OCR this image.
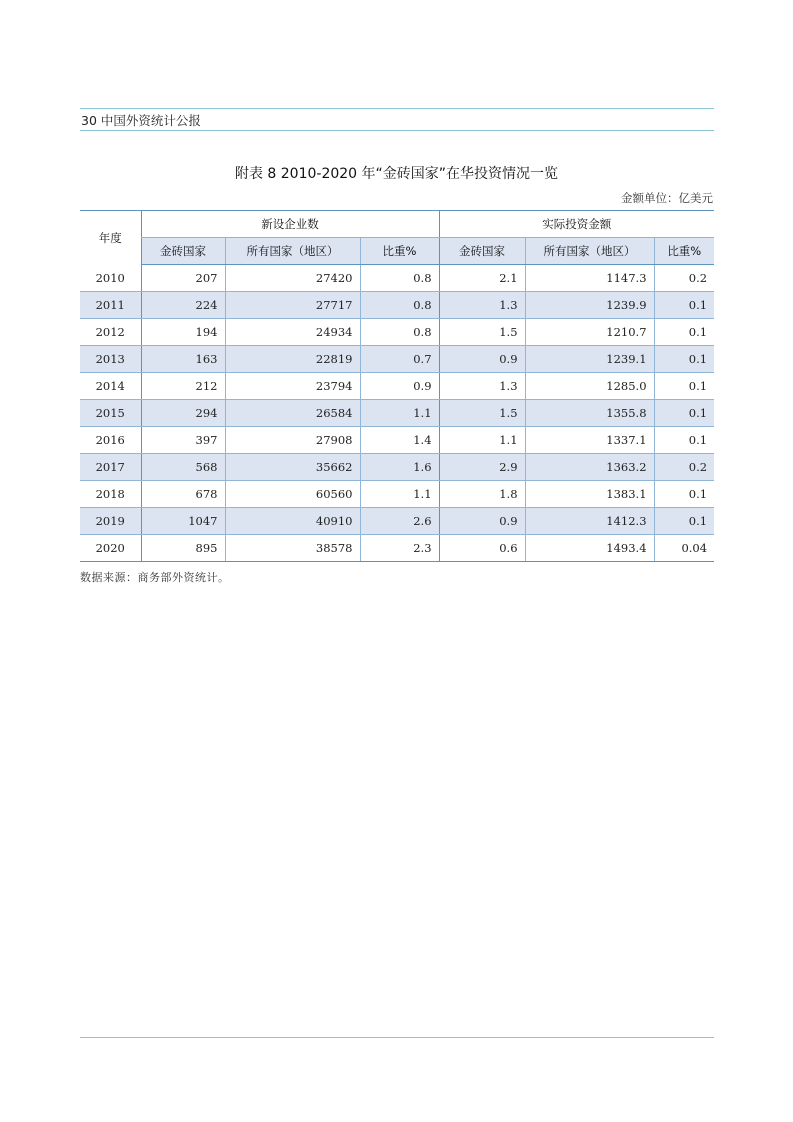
30 中国外资统计公报
附表 8 2010-2020 年“金砖国家”在华投资情况一览
金额单位：亿美元
年度	新设企业数			实际投资金额		
	金砖国家	所有国家（地区）	比重%	金砖国家	所有国家（地区）	比重%
2010	207	27420	0.8	2.1	1147.3	0.2
2011	224	27717	0.8	1.3	1239.9	0.1
2012	194	24934	0.8	1.5	1210.7	0.1
2013	163	22819	0.7	0.9	1239.1	0.1
2014	212	23794	0.9	1.3	1285.0	0.1
2015	294	26584	1.1	1.5	1355.8	0.1
2016	397	27908	1.4	1.1	1337.1	0.1
2017	568	35662	1.6	2.9	1363.2	0.2
2018	678	60560	1.1	1.8	1383.1	0.1
2019	1047	40910	2.6	0.9	1412.3	0.1
2020	895	38578	2.3	0.6	1493.4	0.04
数据来源：商务部外资统计。
